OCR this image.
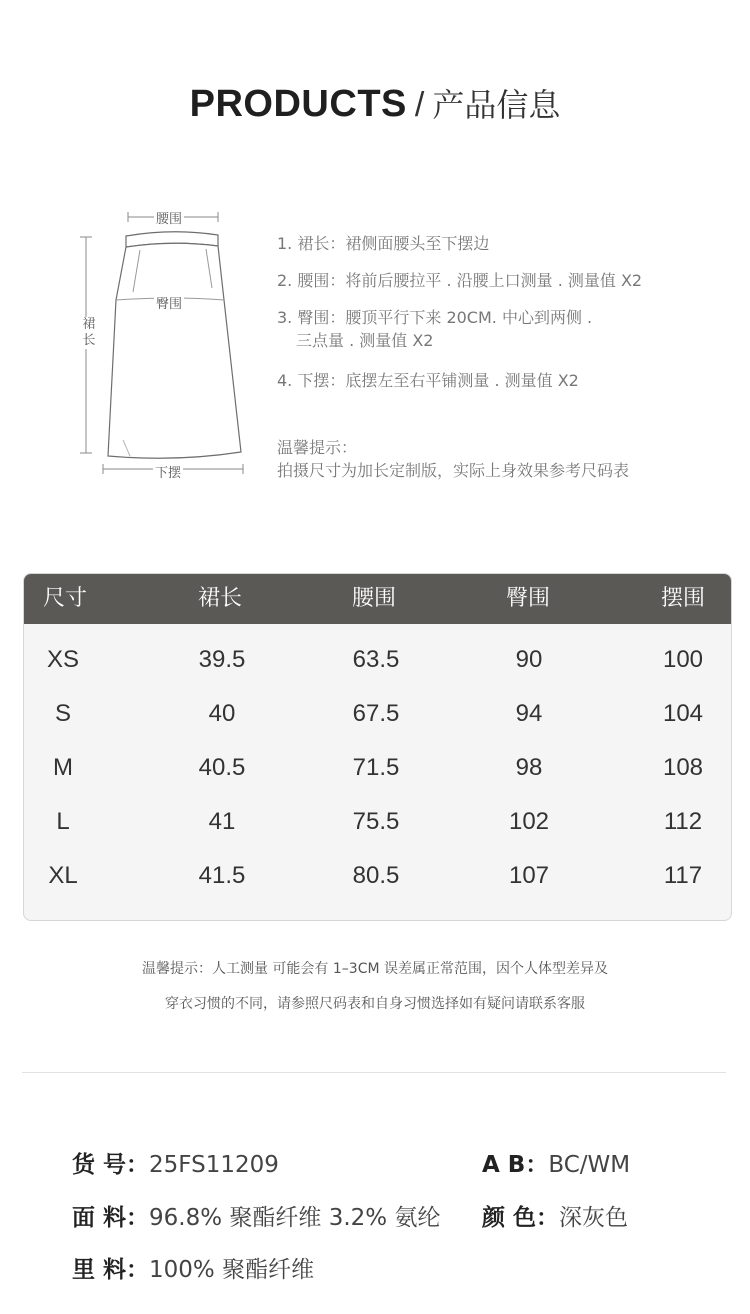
PRODUCTS / 产品信息
腰围
臀围
裙长
下摆
1. 裙长：裙侧面腰头至下摆边
2. 腰围：将前后腰拉平 . 沿腰上口测量 . 测量值 X2
3. 臀围：腰顶平行下来 20CM. 中心到两侧 .
三点量 . 测量值 X2
4. 下摆：底摆左至右平铺测量 . 测量值 X2
温馨提示：
拍摄尺寸为加长定制版，实际上身效果参考尺码表
尺寸	裙长	腰围	臀围	摆围
XS	39.5	63.5	90	100
S	40	67.5	94	104
M	40.5	71.5	98	108
L	41	75.5	102	112
XL	41.5	80.5	107	117
温馨提示：人工测量 可能会有 1–3CM 误差属正常范围，因个人体型差异及
穿衣习惯的不同，请参照尺码表和自身习惯选择如有疑问请联系客服
货 号：25FS11209	A B：BC/WM
面 料：96.8% 聚酯纤维 3.2% 氨纶 颜 色：深灰色
里 料：100% 聚酯纤维
